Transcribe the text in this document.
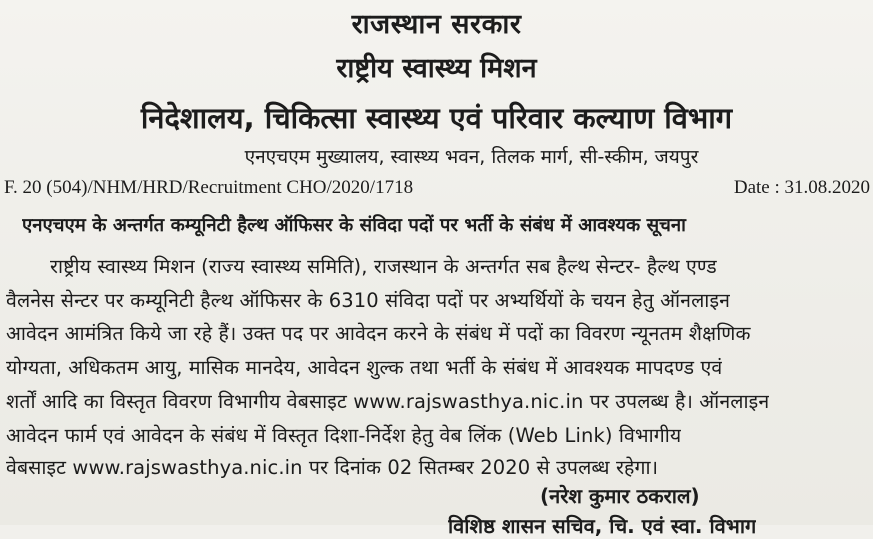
राजस्थान सरकार
राष्ट्रीय स्वास्थ्य मिशन
निदेशालय, चिकित्सा स्वास्थ्य एवं परिवार कल्याण विभाग
एनएचएम मुख्यालय, स्वास्थ्य भवन, तिलक मार्ग, सी-स्कीम, जयपुर
F. 20 (504)/NHM/HRD/Recruitment CHO/2020/1718	Date : 31.08.2020
एनएचएम के अन्तर्गत कम्यूनिटी हैल्थ ऑफिसर के संविदा पदों पर भर्ती के संबंध में आवश्यक सूचना
राष्ट्रीय स्वास्थ्य मिशन (राज्य स्वास्थ्य समिति), राजस्थान के अन्तर्गत सब हैल्थ सेन्टर- हैल्थ एण्ड
वैलनेस सेन्टर पर कम्यूनिटी हैल्थ ऑफिसर के 6310 संविदा पदों पर अभ्यर्थियों के चयन हेतु ऑनलाइन
आवेदन आमंत्रित किये जा रहे हैं। उक्त पद पर आवेदन करने के संबंध में पदों का विवरण न्यूनतम शैक्षणिक
योग्यता, अधिकतम आयु, मासिक मानदेय, आवेदन शुल्क तथा भर्ती के संबंध में आवश्यक मापदण्ड एवं
शर्तों आदि का विस्तृत विवरण विभागीय वेबसाइट www.rajswasthya.nic.in पर उपलब्ध है। ऑनलाइन
आवेदन फार्म एवं आवेदन के संबंध में विस्तृत दिशा-निर्देश हेतु वेब लिंक (Web Link) विभागीय
वेबसाइट www.rajswasthya.nic.in पर दिनांक 02 सितम्बर 2020 से उपलब्ध रहेगा।
(नरेश कुमार ठकराल)
विशिष्ठ शासन सचिव, चि. एवं स्वा. विभाग
